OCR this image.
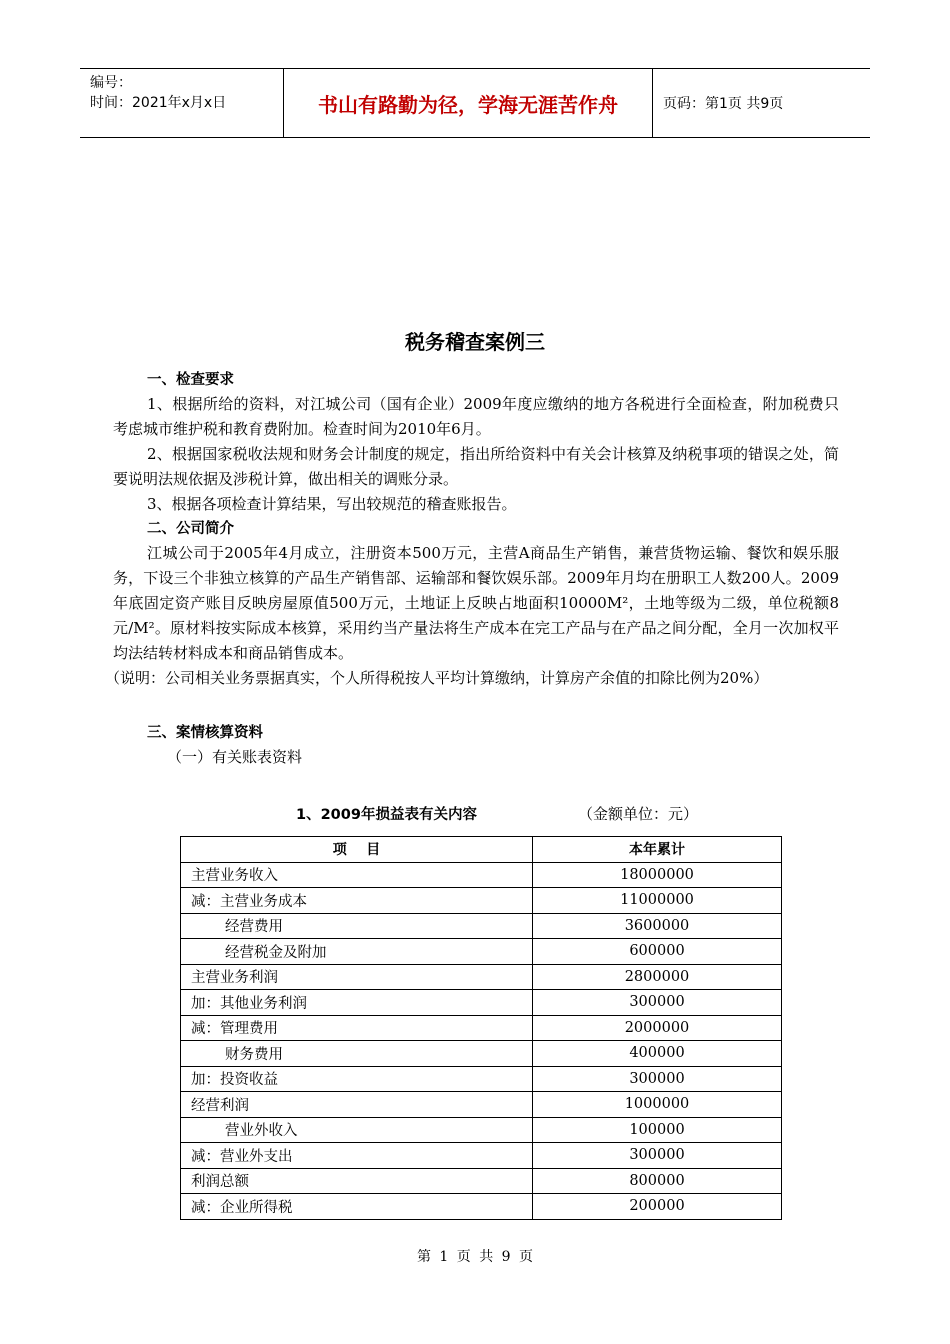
编号：
时间：2021年x月x日	书山有路勤为径，学海无涯苦作舟	页码：第1页 共9页
税务稽查案例三

一、检查要求

1、根据所给的资料，对江城公司（国有企业）2009年度应缴纳的地方各税进行全面检查，附加税费只考虑城市维护税和教育费附加。检查时间为2010年6月。

2、根据国家税收法规和财务会计制度的规定，指出所给资料中有关会计核算及纳税事项的错误之处，简要说明法规依据及涉税计算，做出相关的调账分录。

3、根据各项检查计算结果，写出较规范的稽查账报告。

二、公司简介

江城公司于2005年4月成立，注册资本500万元，主营A商品生产销售，兼营货物运输、餐饮和娱乐服务，下设三个非独立核算的产品生产销售部、运输部和餐饮娱乐部。2009年月均在册职工人数200人。2009年底固定资产账目反映房屋原值500万元，土地证上反映占地面积10000M²，土地等级为二级，单位税额8元/M²。原材料按实际成本核算，采用约当产量法将生产成本在完工产品与在产品之间分配，全月一次加权平均法结转材料成本和商品销售成本。

（说明：公司相关业务票据真实，个人所得税按人平均计算缴纳，计算房产余值的扣除比例为20%）

三、案情核算资料

（一）有关账表资料

1、2009年损益表有关内容	（金额单位：元）
项    目	本年累计
主营业务收入	18000000
减：主营业务成本	11000000
经营费用	3600000
经营税金及附加	600000
主营业务利润	2800000
加：其他业务利润	300000
减：管理费用	2000000
财务费用	400000
加：投资收益	300000
经营利润	1000000
营业外收入	100000
减：营业外支出	300000
利润总额	800000
减：企业所得税	200000
第 1 页 共 9 页
